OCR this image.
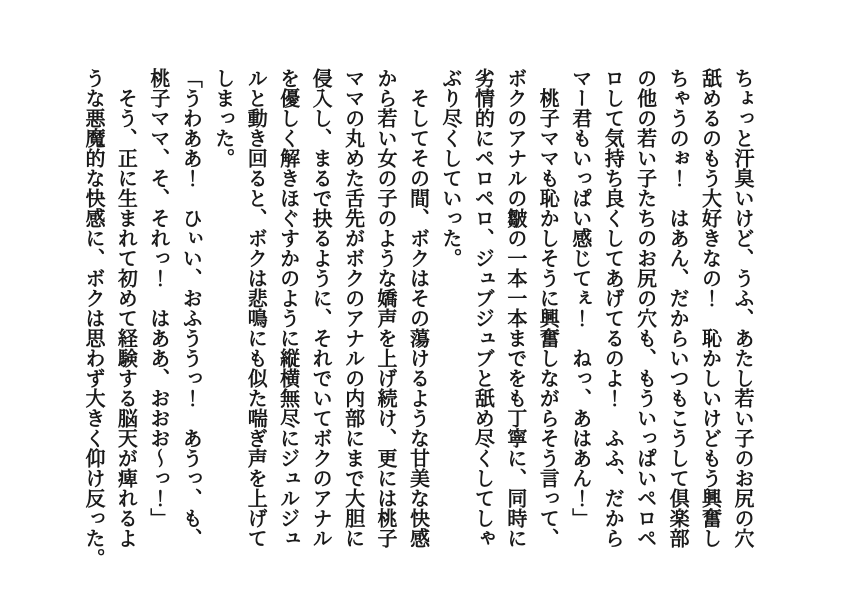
ちょっと汗臭いけど、うふ、あたし若い子のお尻の穴
舐めるのもう大好きなの！　恥かしいけどもう興奮し
ちゃうのぉ！　はあん、だからいつもこうして倶楽部
の他の若い子たちのお尻の穴も、もういっぱいペロペ
ロして気持ち良くしてあげてるのよ！　ふふ、だから
マー君もいっぱい感じてぇ！　ねっ、あはあん！」
　桃子ママも恥かしそうに興奮しながらそう言って、
ボクのアナルの皺の一本一本までをも丁寧に、同時に
劣情的にペロペロ、ジュブジュブと舐め尽くしてしゃ
ぶり尽くしていった。
　そしてその間、ボクはその蕩けるような甘美な快感
から若い女の子のような嬌声を上げ続け、更には桃子
ママの丸めた舌先がボクのアナルの内部にまで大胆に
侵入し、まるで抉るように、それでいてボクのアナル
を優しく解きほぐすかのように縦横無尽にジュルジュ
ルと動き回ると、ボクは悲鳴にも似た喘ぎ声を上げて
しまった。
「うわああ！　ひぃい、おふううっ！　あうっ、も、
桃子ママ、そ、それっ！　はああ、おおお～っ！」
　そう、正に生まれて初めて経験する脳天が痺れるよ
うな悪魔的な快感に、ボクは思わず大きく仰け反った。
